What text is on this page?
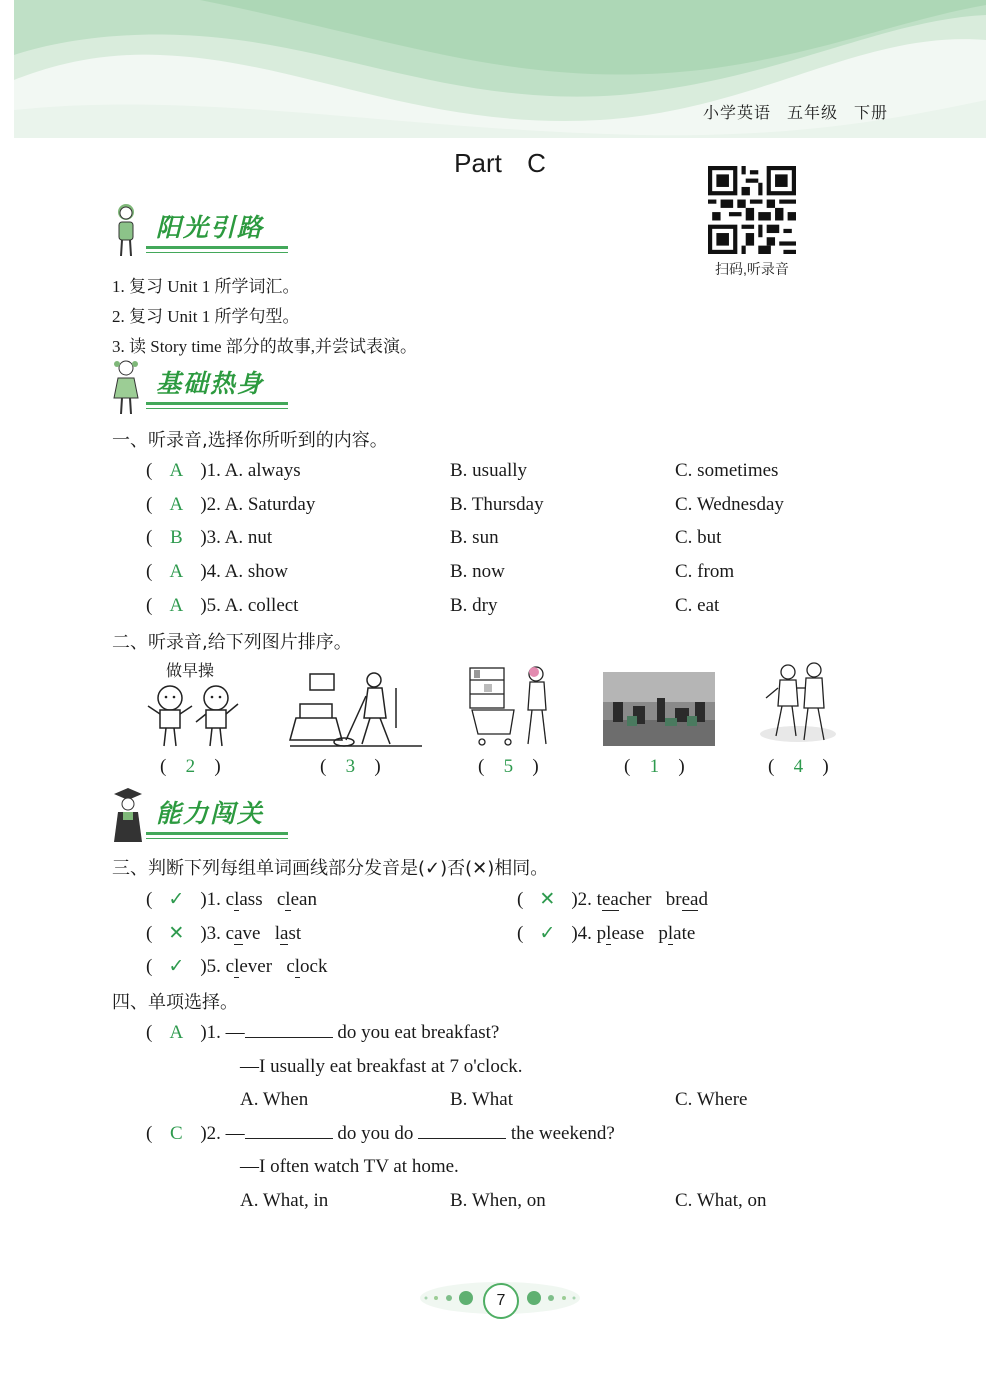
小学英语 五年级 下册
Part C
扫码,听录音
阳光引路
1. 复习 Unit 1 所学词汇。
2. 复习 Unit 1 所学句型。
3. 读 Story time 部分的故事,并尝试表演。
基础热身
一、听录音,选择你所听到的内容。
( A )1. A. always	B. usually	C. sometimes
( A )2. A. Saturday	B. Thursday	C. Wednesday
( B )3. A. nut	B. sun	C. but
( A )4. A. show	B. now	C. from
( A )5. A. collect	B. dry	C. eat
二、听录音,给下列图片排序。
做早操
( 2 )	( 3 )	( 5 )	( 1 )	( 4 )
能力闯关
三、判断下列每组单词画线部分发音是(✓)否(✕)相同。
( ✓ )1. class clean	( ✕ )2. teacher bread
( ✕ )3. cave last	( ✓ )4. please plate
( ✓ )5. clever clock
四、单项选择。
( A )1. —	do you eat breakfast?
—I usually eat breakfast at 7 o'clock.
A. When	B. What	C. Where
( C )2. —	do you do	the weekend?
—I often watch TV at home.
A. What, in	B. When, on	C. What, on
7
